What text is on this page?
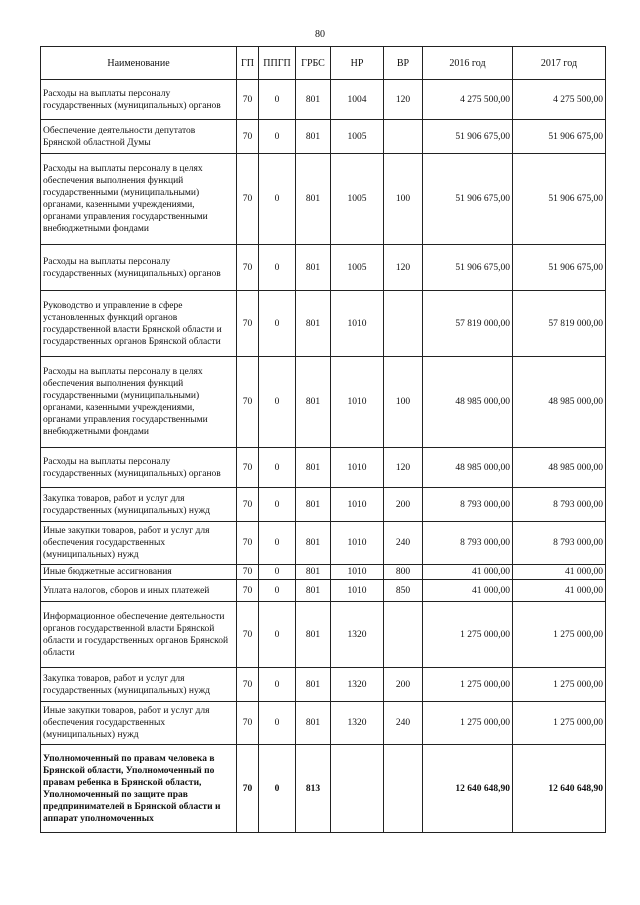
80
Наименование	ГП	ППГП	ГРБС	НР	ВР	2016 год	2017 год
Расходы на выплаты персоналу государственных (муниципальных) органов	70	0	801	1004	120	4 275 500,00	4 275 500,00
Обеспечение деятельности депутатов Брянской областной Думы	70	0	801	1005		51 906 675,00	51 906 675,00
Расходы на выплаты персоналу в целях обеспечения выполнения функций государственными (муниципальными) органами, казенными учреждениями, органами управления государственными внебюджетными фондами	70	0	801	1005	100	51 906 675,00	51 906 675,00
Расходы на выплаты персоналу государственных (муниципальных) органов	70	0	801	1005	120	51 906 675,00	51 906 675,00
Руководство и управление в сфере установленных функций органов государственной власти Брянской области и государственных органов Брянской области	70	0	801	1010		57 819 000,00	57 819 000,00
Расходы на выплаты персоналу в целях обеспечения выполнения функций государственными (муниципальными) органами, казенными учреждениями, органами управления государственными внебюджетными фондами	70	0	801	1010	100	48 985 000,00	48 985 000,00
Расходы на выплаты персоналу государственных (муниципальных) органов	70	0	801	1010	120	48 985 000,00	48 985 000,00
Закупка товаров, работ и услуг для государственных (муниципальных) нужд	70	0	801	1010	200	8 793 000,00	8 793 000,00
Иные закупки товаров, работ и услуг для обеспечения государственных (муниципальных) нужд	70	0	801	1010	240	8 793 000,00	8 793 000,00
Иные бюджетные ассигнования	70	0	801	1010	800	41 000,00	41 000,00
Уплата налогов, сборов и иных платежей	70	0	801	1010	850	41 000,00	41 000,00
Информационное обеспечение деятельности органов государственной власти Брянской области и государственных органов Брянской области	70	0	801	1320		1 275 000,00	1 275 000,00
Закупка товаров, работ и услуг для государственных (муниципальных) нужд	70	0	801	1320	200	1 275 000,00	1 275 000,00
Иные закупки товаров, работ и услуг для обеспечения государственных (муниципальных) нужд	70	0	801	1320	240	1 275 000,00	1 275 000,00
Уполномоченный по правам человека в Брянской области, Уполномоченный по правам ребенка в Брянской области, Уполномоченный по защите прав предпринимателей в Брянской области и аппарат уполномоченных	70	0	813			12 640 648,90	12 640 648,90
